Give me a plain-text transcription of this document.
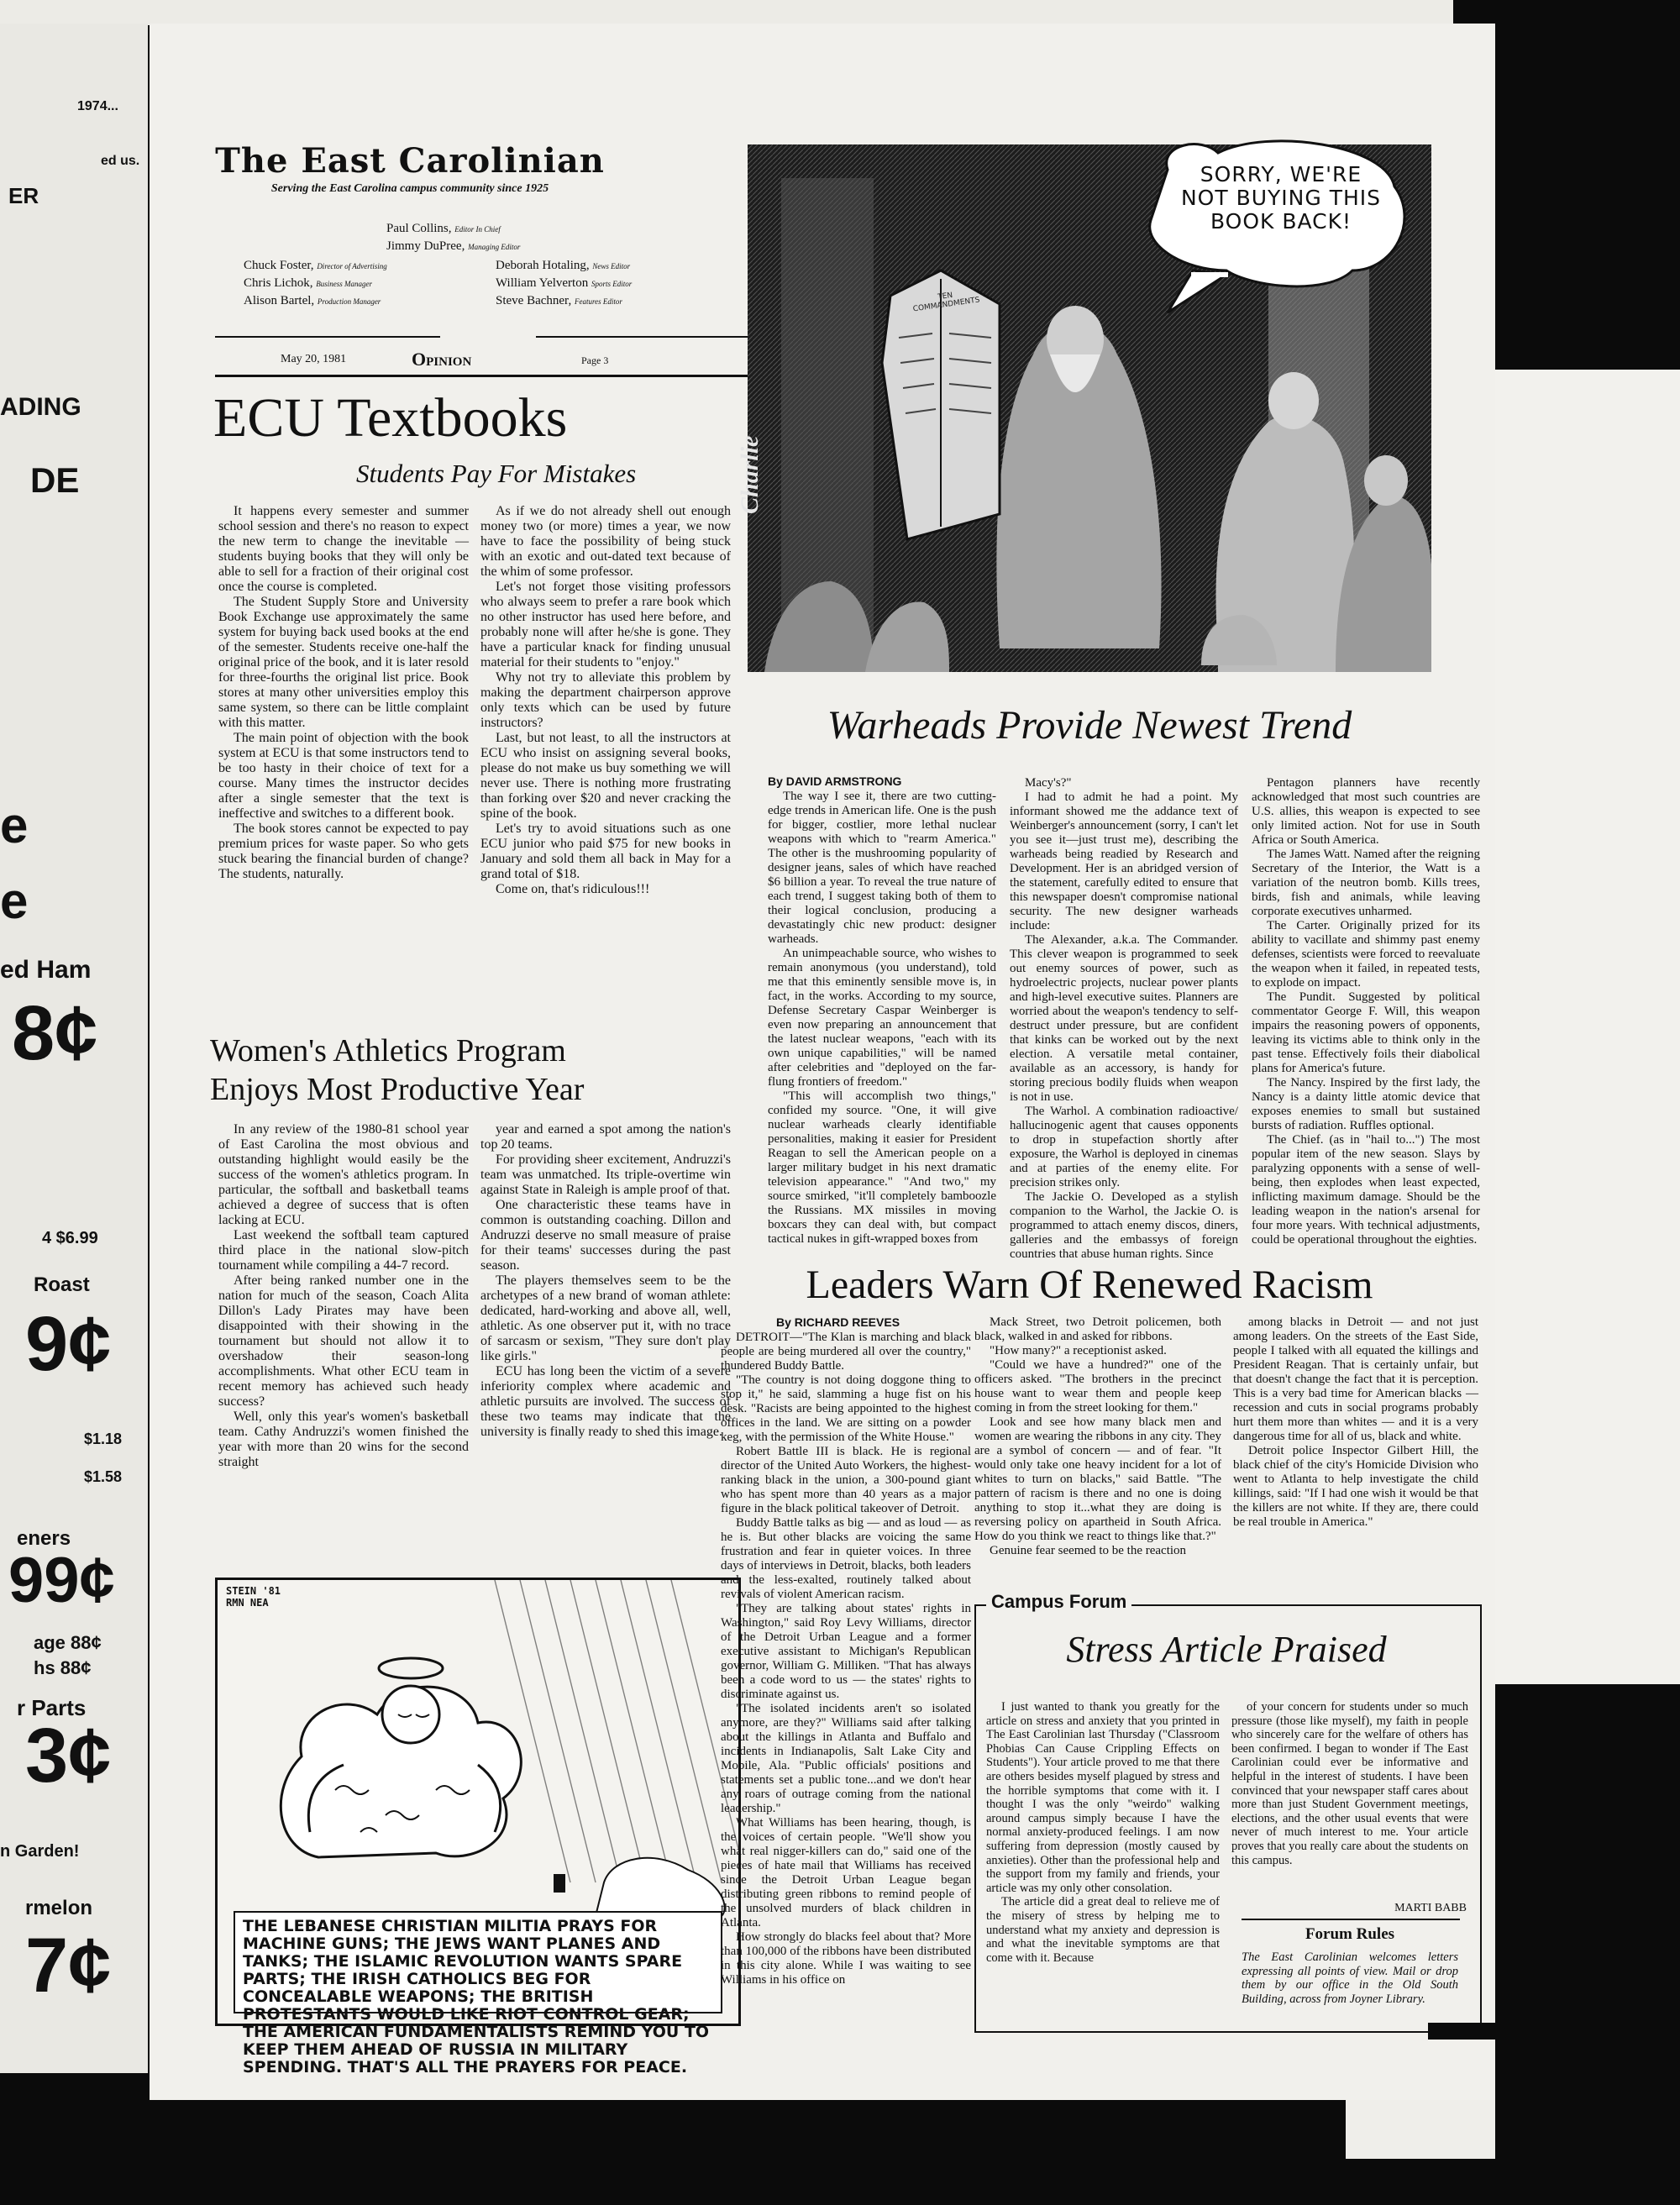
1974...
ed us.
ER
ADING
DE
e
e
ed Ham
8¢
4 $6.99
Roast
9¢
$1.18
$1.58
eners
99¢
age 88¢
hs 88¢
r Parts
3¢
n Garden!
rmelon
7¢
The East Carolinian
Serving the East Carolina campus community since 1925
Paul Collins, Editor In Chief
Jimmy DuPree, Managing Editor
Chuck Foster, Director of Advertising
Chris Lichok, Business Manager
Alison Bartel, Production Manager
Deborah Hotaling, News Editor
William Yelverton Sports Editor
Steve Bachner, Features Editor
May 20, 1981	Opinion	Page 3
ECU Textbooks
Students Pay For Mistakes

It happens every semester and summer school session and there's no reason to expect the new term to change the inevitable — students buying books that they will only be able to sell for a fraction of their original cost once the course is completed.

The Student Supply Store and University Book Exchange use approximately the same system for buying back used books at the end of the semester. Students receive one-half the original price of the book, and it is later resold for three-fourths the original list price. Book stores at many other universities employ this same system, so there can be little complaint with this matter.

The main point of objection with the book system at ECU is that some instructors tend to be too hasty in their choice of text for a course. Many times the instructor decides after a single semester that the text is ineffective and switches to a different book.

The book stores cannot be expected to pay premium prices for waste paper. So who gets stuck bearing the financial burden of change? The students, naturally.

As if we do not already shell out enough money two (or more) times a year, we now have to face the possibility of being stuck with an exotic and out-dated text because of the whim of some professor.

Let's not forget those visiting professors who always seem to prefer a rare book which no other instructor has used here before, and probably none will after he/she is gone. They have a particular knack for finding unusual material for their students to "enjoy."

Why not try to alleviate this problem by making the department chairperson approve only texts which can be used by future instructors?

Last, but not least, to all the instructors at ECU who insist on assigning several books, please do not make us buy something we will never use. There is nothing more frustrating than forking over $20 and never cracking the spine of the book.

Let's try to avoid situations such as one ECU junior who paid $75 for new books in January and sold them all back in May for a grand total of $18.

Come on, that's ridiculous!!!

Women's Athletics Program
Enjoys Most Productive Year

In any review of the 1980-81 school year of East Carolina the most obvious and outstanding highlight would easily be the success of the women's athletics program. In particular, the softball and basketball teams achieved a degree of success that is often lacking at ECU.

Last weekend the softball team captured third place in the national slow-pitch tournament while compiling a 44-7 record.

After being ranked number one in the nation for much of the season, Coach Alita Dillon's Lady Pirates may have been disappointed with their showing in the tournament but should not allow it to overshadow their season-long accomplishments. What other ECU team in recent memory has achieved such heady success?

Well, only this year's women's basketball team. Cathy Andruzzi's women finished the year with more than 20 wins for the second straight

year and earned a spot among the nation's top 20 teams.

For providing sheer excitement, Andruzzi's team was unmatched. Its triple-overtime win against State in Raleigh is ample proof of that.

One characteristic these teams have in common is outstanding coaching. Dillon and Andruzzi deserve no small measure of praise for their teams' successes during the past season.

The players themselves seem to be the archetypes of a new brand of woman athlete: dedicated, hard-working and above all, well, athletic. As one observer put it, with no trace of sarcasm or sexism, "They sure don't play like girls."

ECU has long been the victim of a severe inferiority complex where academic and athletic pursuits are involved. The success of these two teams may indicate that the university is finally ready to shed this image.

STEIN '81 RMN NEA
THE LEBANESE CHRISTIAN MILITIA PRAYS FOR MACHINE GUNS; THE JEWS WANT PLANES AND TANKS; THE ISLAMIC REVOLUTION WANTS SPARE PARTS; THE IRISH CATHOLICS BEG FOR CONCEALABLE WEAPONS; THE BRITISH PROTESTANTS WOULD LIKE RIOT CONTROL GEAR; THE AMERICAN FUNDAMENTALISTS REMIND YOU TO KEEP THEM AHEAD OF RUSSIA IN MILITARY SPENDING. THAT'S ALL THE PRAYERS FOR PEACE.
SORRY, WE'RE NOT BUYING THIS BOOK BACK!
TEN COMMANDMENTS
Charlie
Warheads Provide Newest Trend
By DAVID ARMSTRONG

The way I see it, there are two cutting-edge trends in American life. One is the push for bigger, costlier, more lethal nuclear weapons with which to "rearm America." The other is the mushrooming popularity of designer jeans, sales of which have reached $6 billion a year. To reveal the true nature of each trend, I suggest taking both of them to their logical conclusion, producing a devastatingly chic new product: designer warheads.

An unimpeachable source, who wishes to remain anonymous (you understand), told me that this eminently sensible move is, in fact, in the works. According to my source, Defense Secretary Caspar Weinberger is even now preparing an announcement that the latest nuclear weapons, "each with its own unique capabilities," will be named after celebrities and "deployed on the far-flung frontiers of freedom."

"This will accomplish two things," confided my source. "One, it will give nuclear warheads clearly identifiable personalities, making it easier for President Reagan to sell the American people on a larger military budget in his next dramatic television appearance." "And two," my source smirked, "it'll completely bamboozle the Russians. MX missiles in moving boxcars they can deal with, but compact tactical nukes in gift-wrapped boxes from

Macy's?"

I had to admit he had a point. My informant showed me the addance text of Weinberger's announcement (sorry, I can't let you see it—just trust me), describing the warheads being readied by Research and Development. Her is an abridged version of the statement, carefully edited to ensure that this newspaper doesn't compromise national security. The new designer warheads include:

The Alexander, a.k.a. The Commander. This clever weapon is programmed to seek out enemy sources of power, such as hydroelectric projects, nuclear power plants and high-level executive suites. Planners are worried about the weapon's tendency to self-destruct under pressure, but are confident that kinks can be worked out by the next election. A versatile metal container, available as an accessory, is handy for storing precious bodily fluids when weapon is not in use.

The Warhol. A combination radioactive/ hallucinogenic agent that causes opponents to drop in stupefaction shortly after exposure, the Warhol is deployed in cinemas and at parties of the enemy elite. For precision strikes only.

The Jackie O. Developed as a stylish companion to the Warhol, the Jackie O. is programmed to attach enemy discos, diners, galleries and the embassys of foreign countries that abuse human rights. Since

Pentagon planners have recently acknowledged that most such countries are U.S. allies, this weapon is expected to see only limited action. Not for use in South Africa or South America.

The James Watt. Named after the reigning Secretary of the Interior, the Watt is a variation of the neutron bomb. Kills trees, birds, fish and animals, while leaving corporate executives unharmed.

The Carter. Originally prized for its ability to vacillate and shimmy past enemy defenses, scientists were forced to reevaluate the weapon when it failed, in repeated tests, to explode on impact.

The Pundit. Suggested by political commentator George F. Will, this weapon impairs the reasoning powers of opponents, leaving its victims able to think only in the past tense. Effectively foils their diabolical plans for America's future.

The Nancy. Inspired by the first lady, the Nancy is a dainty little atomic device that exposes enemies to small but sustained bursts of radiation. Ruffles optional.

The Chief. (as in "hail to...") The most popular item of the new season. Slays by paralyzing opponents with a sense of well-being, then explodes when least expected, inflicting maximum damage. Should be the leading weapon in the nation's arsenal for four more years. With technical adjustments, could be operational throughout the eighties.

Leaders Warn Of Renewed Racism
By RICHARD REEVES

DETROIT—"The Klan is marching and black people are being murdered all over the country," thundered Buddy Battle.

"The country is not doing doggone thing to stop it," he said, slamming a huge fist on his desk. "Racists are being appointed to the highest offices in the land. We are sitting on a powder keg, with the permission of the White House."

Robert Battle III is black. He is regional director of the United Auto Workers, the highest-ranking black in the union, a 300-pound giant who has spent more than 40 years as a major figure in the black political takeover of Detroit.

Buddy Battle talks as big — and as loud — as he is. But other blacks are voicing the same frustration and fear in quieter voices. In three days of interviews in Detroit, blacks, both leaders and the less-exalted, routinely talked about revivals of violent American racism.

"They are talking about states' rights in Washington," said Roy Levy Williams, director of the Detroit Urban League and a former executive assistant to Michigan's Republican governor, William G. Milliken. "That has always been a code word to us — the states' rights to discriminate against us.

"The isolated incidents aren't so isolated anymore, are they?" Williams said after talking about the killings in Atlanta and Buffalo and incidents in Indianapolis, Salt Lake City and Mobile, Ala. "Public officials' positions and statements set a public tone...and we don't hear any roars of outrage coming from the national leadership."

What Williams has been hearing, though, is the voices of certain people. "We'll show you what real nigger-killers can do," said one of the pieces of hate mail that Williams has received since the Detroit Urban League began distributing green ribbons to remind people of the unsolved murders of black children in Atlanta.

How strongly do blacks feel about that? More than 100,000 of the ribbons have been distributed in this city alone. While I was waiting to see Williams in his office on

Mack Street, two Detroit policemen, both black, walked in and asked for ribbons.

"How many?" a receptionist asked.

"Could we have a hundred?" one of the officers asked. "The brothers in the precinct house want to wear them and people keep coming in from the street looking for them."

Look and see how many black men and women are wearing the ribbons in any city. They are a symbol of concern — and of fear. "It would only take one heavy incident for a lot of whites to turn on blacks," said Battle. "The pattern of racism is there and no one is doing anything to stop it...what they are doing is reversing policy on apartheid in South Africa. How do you think we react to things like that.?"

Genuine fear seemed to be the reaction

among blacks in Detroit — and not just among leaders. On the streets of the East Side, people I talked with all equated the killings and President Reagan. That is certainly unfair, but that doesn't change the fact that it is perception. This is a very bad time for American blacks — recession and cuts in social programs probably hurt them more than whites — and it is a very dangerous time for all of us, black and white.

Detroit police Inspector Gilbert Hill, the black chief of the city's Homicide Division who went to Atlanta to help investigate the child killings, said: "If I had one wish it would be that the killers are not white. If they are, there could be real trouble in America."

Campus Forum
Stress Article Praised

I just wanted to thank you greatly for the article on stress and anxiety that you printed in The East Carolinian last Thursday ("Classroom Phobias Can Cause Crippling Effects on Students"). Your article proved to me that there are others besides myself plagued by stress and the horrible symptoms that come with it. I thought I was the only "weirdo" walking around campus simply because I have the normal anxiety-produced feelings. I am now suffering from depression (mostly caused by anxieties). Other than the professional help and the support from my family and friends, your article was my only other consolation.

The article did a great deal to relieve me of the misery of stress by helping me to understand what my anxiety and depression is and what the inevitable symptoms are that come with it. Because

of your concern for students under so much pressure (those like myself), my faith in people who sincerely care for the welfare of others has been confirmed. I began to wonder if The East Carolinian could ever be informative and helpful in the interest of students. I have been convinced that your newspaper staff cares about more than just Student Government meetings, elections, and the other usual events that were never of much interest to me. Your article proves that you really care about the students on this campus.

MARTI BABB
Forum Rules
The East Carolinian welcomes letters expressing all points of view. Mail or drop them by our office in the Old South Building, across from Joyner Library.
